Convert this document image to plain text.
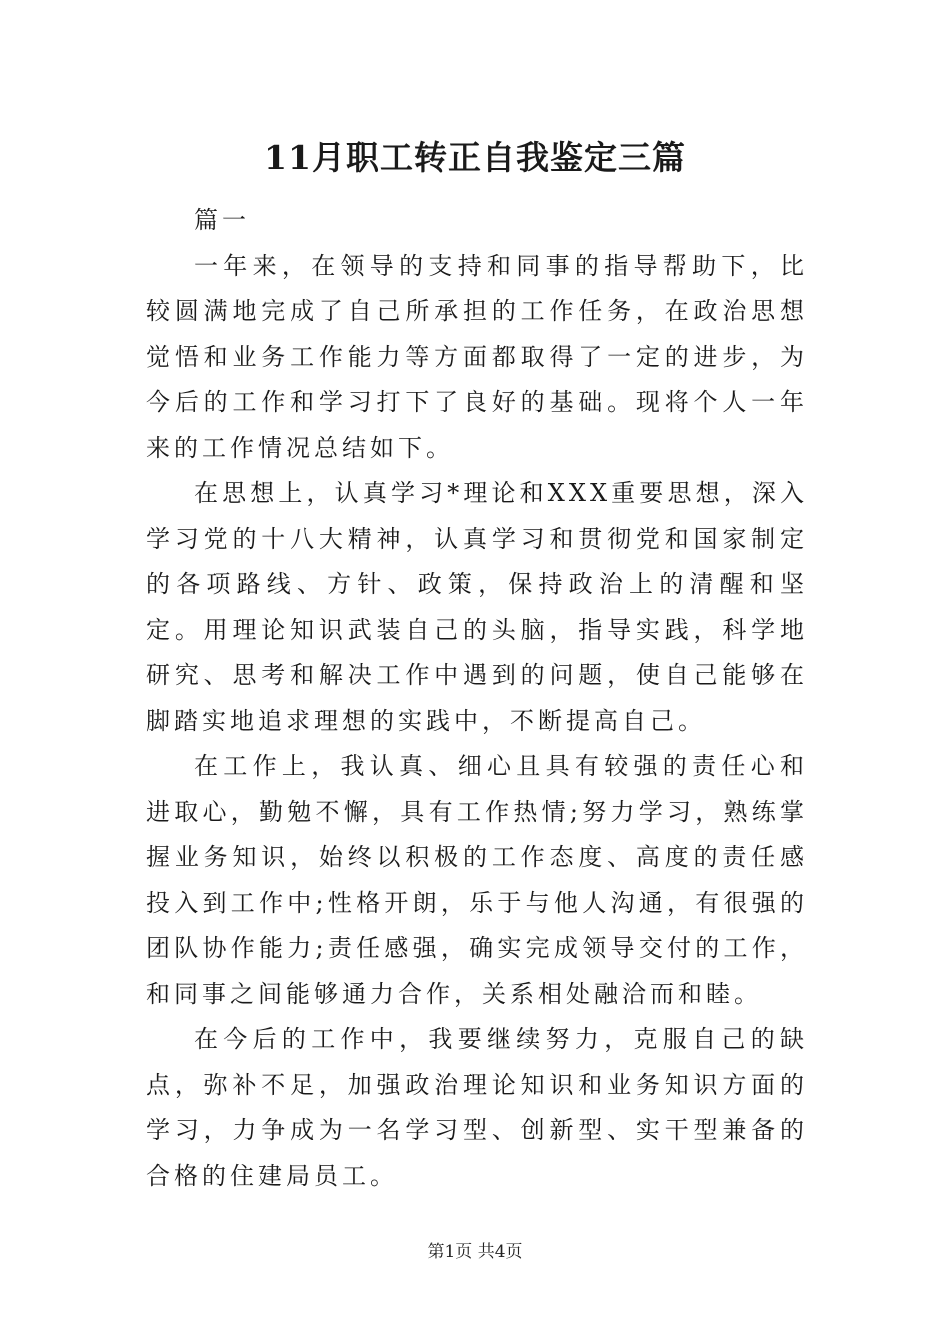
11月职工转正自我鉴定三篇

篇一

一年来，在领导的支持和同事的指导帮助下，比较圆满地完成了自己所承担的工作任务，在政治思想觉悟和业务工作能力等方面都取得了一定的进步，为今后的工作和学习打下了良好的基础。现将个人一年来的工作情况总结如下。

在思想上，认真学习*理论和XXX重要思想，深入学习党的十八大精神，认真学习和贯彻党和国家制定的各项路线、方针、政策，保持政治上的清醒和坚定。用理论知识武装自己的头脑，指导实践，科学地研究、思考和解决工作中遇到的问题，使自己能够在脚踏实地追求理想的实践中，不断提高自己。

在工作上，我认真、细心且具有较强的责任心和进取心，勤勉不懈，具有工作热情;努力学习，熟练掌握业务知识，始终以积极的工作态度、高度的责任感投入到工作中;性格开朗，乐于与他人沟通，有很强的团队协作能力;责任感强，确实完成领导交付的工作，和同事之间能够通力合作，关系相处融洽而和睦。

在今后的工作中，我要继续努力，克服自己的缺点，弥补不足，加强政治理论知识和业务知识方面的学习，力争成为一名学习型、创新型、实干型兼备的合格的住建局员工。

第1页 共4页
